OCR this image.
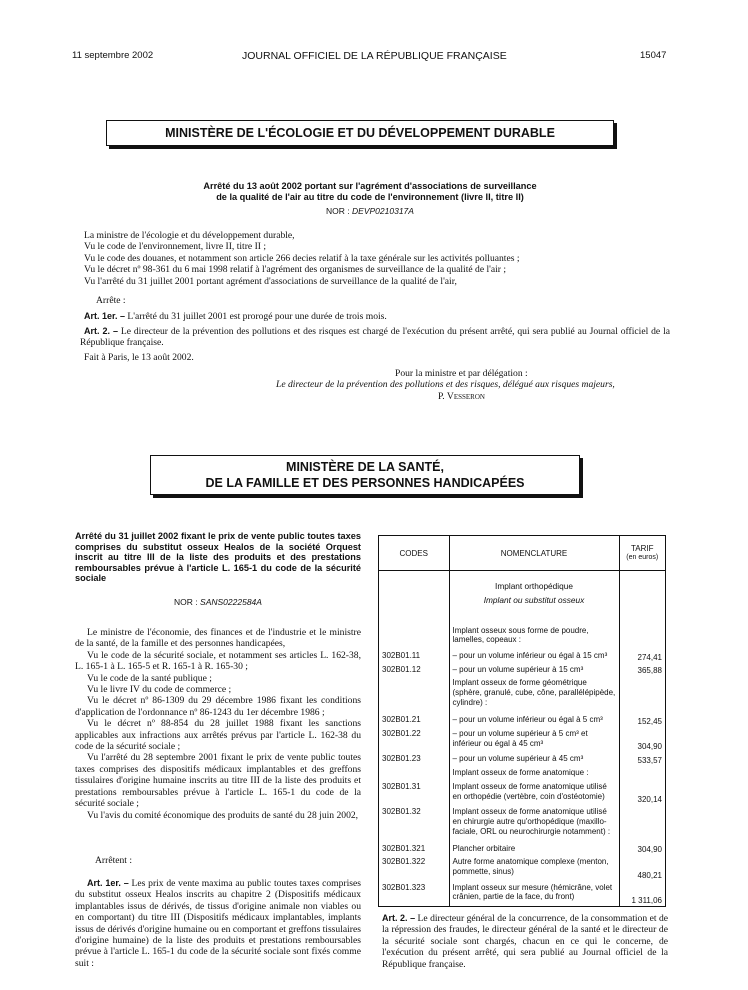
11 septembre 2002	JOURNAL OFFICIEL DE LA RÉPUBLIQUE FRANÇAISE	15047
MINISTÈRE DE L'ÉCOLOGIE ET DU DÉVELOPPEMENT DURABLE
Arrêté du 13 août 2002 portant sur l'agrément d'associations de surveillance
de la qualité de l'air au titre du code de l'environnement (livre II, titre II)
NOR : DEVP0210317A

La ministre de l'écologie et du développement durable,

Vu le code de l'environnement, livre II, titre II ;

Vu le code des douanes, et notamment son article 266 decies relatif à la taxe générale sur les activités polluantes ;

Vu le décret nº 98-361 du 6 mai 1998 relatif à l'agrément des organismes de surveillance de la qualité de l'air ;

Vu l'arrêté du 31 juillet 2001 portant agrément d'associations de surveillance de la qualité de l'air,

Arrête :

Art. 1er. – L'arrêté du 31 juillet 2001 est prorogé pour une durée de trois mois.

Art. 2. – Le directeur de la prévention des pollutions et des risques est chargé de l'exécution du présent arrêté, qui sera publié au Journal officiel de la République française.

Fait à Paris, le 13 août 2002.
Pour la ministre et par délégation :
Le directeur de la prévention des pollutions et des risques, délégué aux risques majeurs,
P. Vesseron
MINISTÈRE DE LA SANTÉ,
DE LA FAMILLE ET DES PERSONNES HANDICAPÉES
Arrêté du 31 juillet 2002 fixant le prix de vente public toutes taxes comprises du substitut osseux Healos de la société Orquest inscrit au titre III de la liste des produits et des prestations remboursables prévue à l'article L. 165-1 du code de la sécurité sociale
NOR : SANS0222584A

Le ministre de l'économie, des finances et de l'industrie et le ministre de la santé, de la famille et des personnes handicapées,

Vu le code de la sécurité sociale, et notamment ses articles L. 162-38, L. 165-1 à L. 165-5 et R. 165-1 à R. 165-30 ;

Vu le code de la santé publique ;

Vu le livre IV du code de commerce ;

Vu le décret nº 86-1309 du 29 décembre 1986 fixant les conditions d'application de l'ordonnance nº 86-1243 du 1er décembre 1986 ;

Vu le décret nº 88-854 du 28 juillet 1988 fixant les sanctions applicables aux infractions aux arrêtés prévus par l'article L. 162-38 du code de la sécurité sociale ;

Vu l'arrêté du 28 septembre 2001 fixant le prix de vente public toutes taxes comprises des dispositifs médicaux implantables et des greffons tissulaires d'origine humaine inscrits au titre III de la liste des produits et prestations remboursables prévue à l'article L. 165-1 du code de la sécurité sociale ;

Vu l'avis du comité économique des produits de santé du 28 juin 2002,

Arrêtent :

Art. 1er. – Les prix de vente maxima au public toutes taxes comprises du substitut osseux Healos inscrits au chapitre 2 (Dispositifs médicaux implantables issus de dérivés, de tissus d'origine animale non viables ou en comportant) du titre III (Dispositifs médicaux implantables, implants issus de dérivés d'origine humaine ou en comportant et greffons tissulaires d'origine humaine) de la liste des produits et prestations remboursables prévue à l'article L. 165-1 du code de la sécurité sociale sont fixés comme suit :

CODES	NOMENCLATURE	TARIF
(en euros)

	Implant orthopédique
Implant ou substitut osseux	

	Implant osseux sous forme de poudre, lamelles, copeaux :	
302B01.11	– pour un volume inférieur ou égal à 15 cm³	274,41
302B01.12	– pour un volume supérieur à 15 cm³	365,88
	Implant osseux de forme géométrique (sphère, granulé, cube, cône, parallélépipède, cylindre) :	
302B01.21	– pour un volume inférieur ou égal à 5 cm³	152,45
302B01.22	– pour un volume supérieur à 5 cm³ et inférieur ou égal à 45 cm³	304,90
302B01.23	– pour un volume supérieur à 45 cm³	533,57
	Implant osseux de forme anatomique :	
302B01.31	Implant osseux de forme anatomique utilisé en orthopédie (vertèbre, coin d'ostéotomie)	320,14
302B01.32	Implant osseux de forme anatomique utilisé en chirurgie autre qu'orthopédique (maxillo-faciale, ORL ou neurochirurgie notamment) :	
302B01.321	Plancher orbitaire	304,90
302B01.322	Autre forme anatomique complexe (menton, pommette, sinus)	480,21
302B01.323	Implant osseux sur mesure (hémicrâne, volet crânien, partie de la face, du front)	1 311,06

Art. 2. – Le directeur général de la concurrence, de la consommation et de la répression des fraudes, le directeur général de la santé et le directeur de la sécurité sociale sont chargés, chacun en ce qui le concerne, de l'exécution du présent arrêté, qui sera publié au Journal officiel de la République française.
